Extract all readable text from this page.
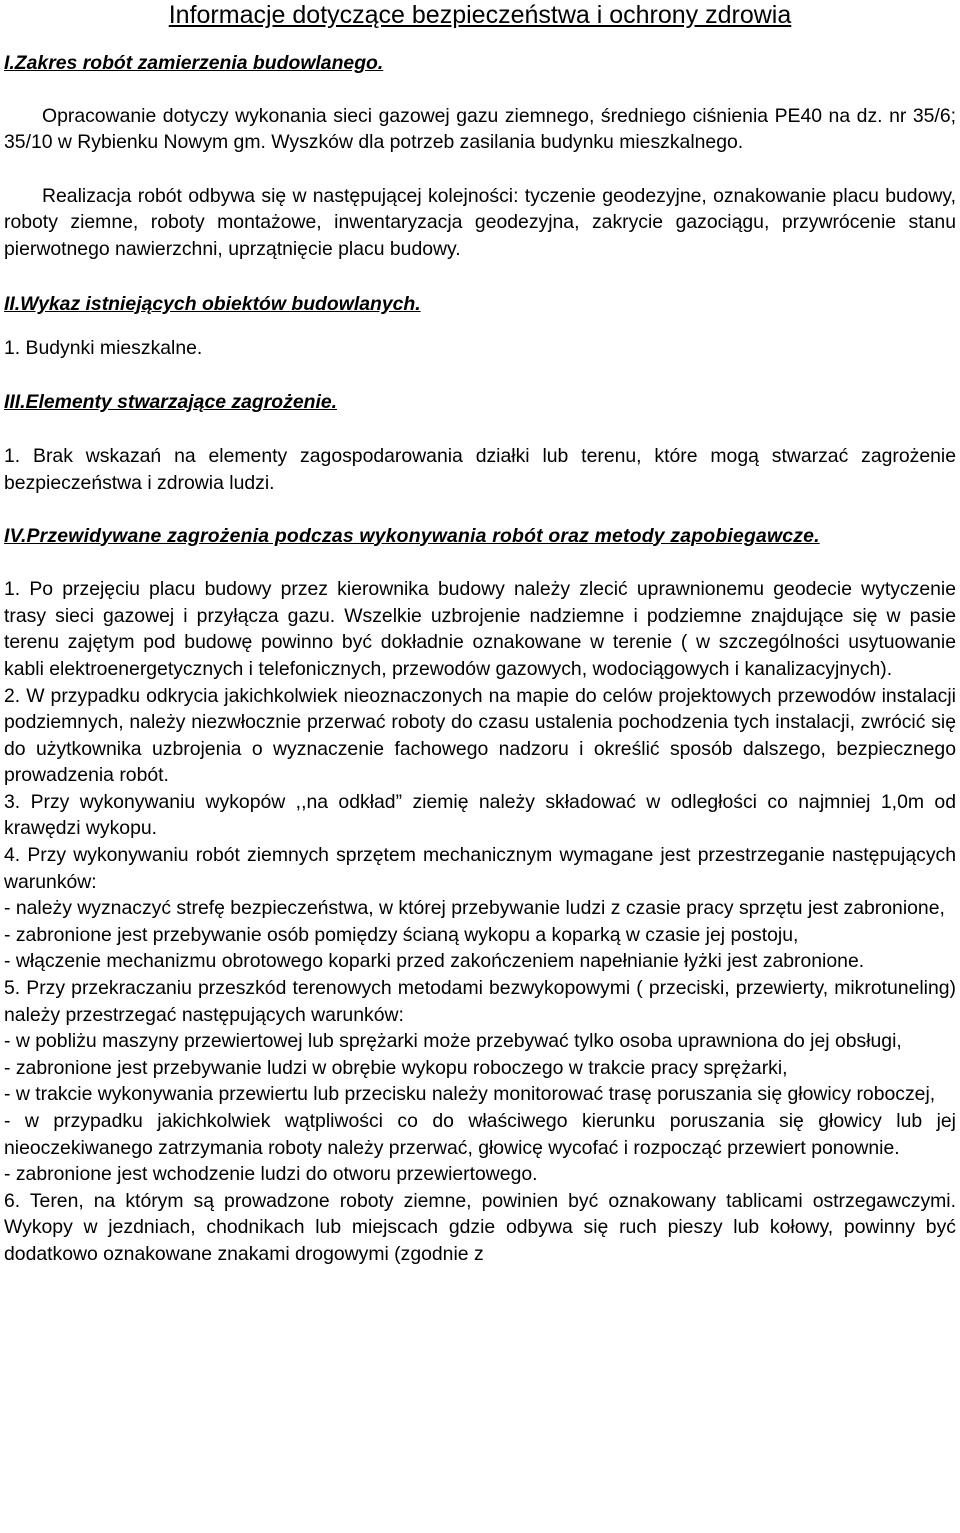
Informacje dotyczące bezpieczeństwa i ochrony zdrowia

I.Zakres robót zamierzenia budowlanego.

Opracowanie dotyczy wykonania sieci gazowej gazu ziemnego, średniego ciśnienia PE40 na dz. nr 35/6; 35/10 w Rybienku Nowym gm. Wyszków dla potrzeb zasilania budynku mieszkalnego.

Realizacja robót odbywa się w następującej kolejności: tyczenie geodezyjne, oznakowanie placu budowy, roboty ziemne, roboty montażowe, inwentaryzacja geodezyjna, zakrycie gazociągu, przywrócenie stanu pierwotnego nawierzchni, uprzątnięcie placu budowy.

II.Wykaz istniejących obiektów budowlanych.

1. Budynki mieszkalne.

III.Elementy stwarzające zagrożenie.

1. Brak wskazań na elementy zagospodarowania działki lub terenu, które mogą stwarzać zagrożenie bezpieczeństwa i zdrowia ludzi.

IV.Przewidywane zagrożenia podczas wykonywania robót oraz metody zapobiegawcze.

1. Po przejęciu placu budowy przez kierownika budowy należy zlecić uprawnionemu geodecie wytyczenie trasy sieci gazowej i przyłącza gazu. Wszelkie uzbrojenie nadziemne i podziemne znajdujące się w pasie terenu zajętym pod budowę powinno być dokładnie oznakowane w terenie ( w szczególności usytuowanie kabli elektroenergetycznych i telefonicznych, przewodów gazowych, wodociągowych i kanalizacyjnych).

2. W przypadku odkrycia jakichkolwiek nieoznaczonych na mapie do celów projektowych przewodów instalacji podziemnych, należy niezwłocznie przerwać roboty do czasu ustalenia pochodzenia tych instalacji, zwrócić się do użytkownika uzbrojenia o wyznaczenie fachowego nadzoru i określić sposób dalszego, bezpiecznego prowadzenia robót.

3. Przy wykonywaniu wykopów ,,na odkład” ziemię należy składować w odległości co najmniej 1,0m od krawędzi wykopu.

4. Przy wykonywaniu robót ziemnych sprzętem mechanicznym wymagane jest przestrzeganie następujących warunków:

- należy wyznaczyć strefę bezpieczeństwa, w której przebywanie ludzi z czasie pracy sprzętu jest zabronione,

- zabronione jest przebywanie osób pomiędzy ścianą wykopu a koparką w czasie jej postoju,

- włączenie mechanizmu obrotowego koparki przed zakończeniem napełnianie łyżki jest zabronione.

5. Przy przekraczaniu przeszkód terenowych metodami bezwykopowymi ( przeciski, przewierty, mikrotuneling) należy przestrzegać następujących warunków:

- w pobliżu maszyny przewiertowej lub sprężarki może przebywać tylko osoba uprawniona do jej obsługi,

- zabronione jest przebywanie ludzi w obrębie wykopu roboczego w trakcie pracy sprężarki,

- w trakcie wykonywania przewiertu lub przecisku należy monitorować trasę poruszania się głowicy roboczej,

- w przypadku jakichkolwiek wątpliwości co do właściwego kierunku poruszania się głowicy lub jej nieoczekiwanego zatrzymania roboty należy przerwać, głowicę wycofać i rozpocząć przewiert ponownie.

- zabronione jest wchodzenie ludzi do otworu przewiertowego.

6. Teren, na którym są prowadzone roboty ziemne, powinien być oznakowany tablicami ostrzegawczymi. Wykopy w jezdniach, chodnikach lub miejscach gdzie odbywa się ruch pieszy lub kołowy, powinny być dodatkowo oznakowane znakami drogowymi (zgodnie z
